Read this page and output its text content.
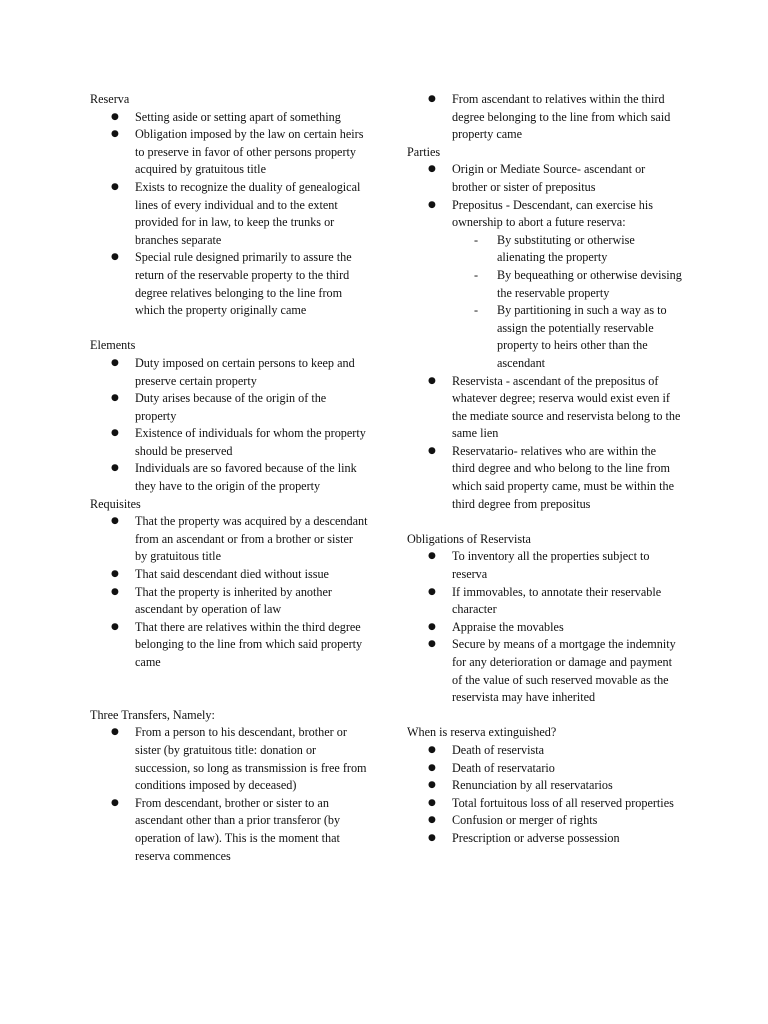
Reserva

● Setting aside or setting apart of something
● Obligation imposed by the law on certain heirs to preserve in favor of other persons property acquired by gratuitous title
● Exists to recognize the duality of genealogical lines of every individual and to the extent provided for in law, to keep the trunks or branches separate
● Special rule designed primarily to assure the return of the reservable property to the third degree relatives belonging to the line from which the property originally came

Elements

● Duty imposed on certain persons to keep and preserve certain property
● Duty arises because of the origin of the property
● Existence of individuals for whom the property should be preserved
● Individuals are so favored because of the link they have to the origin of the property

Requisites

● That the property was acquired by a descendant from an ascendant or from a brother or sister by gratuitous title
● That said descendant died without issue
● That the property is inherited by another ascendant by operation of law
● That there are relatives within the third degree belonging to the line from which said property came

Three Transfers, Namely:

● From a person to his descendant, brother or sister (by gratuitous title: donation or succession, so long as transmission is free from conditions imposed by deceased)
● From descendant, brother or sister to an ascendant other than a prior transferor (by operation of law). This is the moment that reserva commences
● From ascendant to relatives within the third degree belonging to the line from which said property came

Parties

● Origin or Mediate Source- ascendant or brother or sister of prepositus
● Prepositus - Descendant, can exercise his ownership to abort a future reserva:
- By substituting or otherwise alienating the property
- By bequeathing or otherwise devising the reservable property
- By partitioning in such a way as to assign the potentially reservable property to heirs other than the ascendant
● Reservista - ascendant of the prepositus of whatever degree; reserva would exist even if the mediate source and reservista belong to the same lien
● Reservatario- relatives who are within the third degree and who belong to the line from which said property came, must be within the third degree from prepositus

Obligations of Reservista

● To inventory all the properties subject to reserva
● If immovables, to annotate their reservable character
● Appraise the movables
● Secure by means of a mortgage the indemnity for any deterioration or damage and payment of the value of such reserved movable as the reservista may have inherited

When is reserva extinguished?

● Death of reservista
● Death of reservatario
● Renunciation by all reservatarios
● Total fortuitous loss of all reserved properties
● Confusion or merger of rights
● Prescription or adverse possession
